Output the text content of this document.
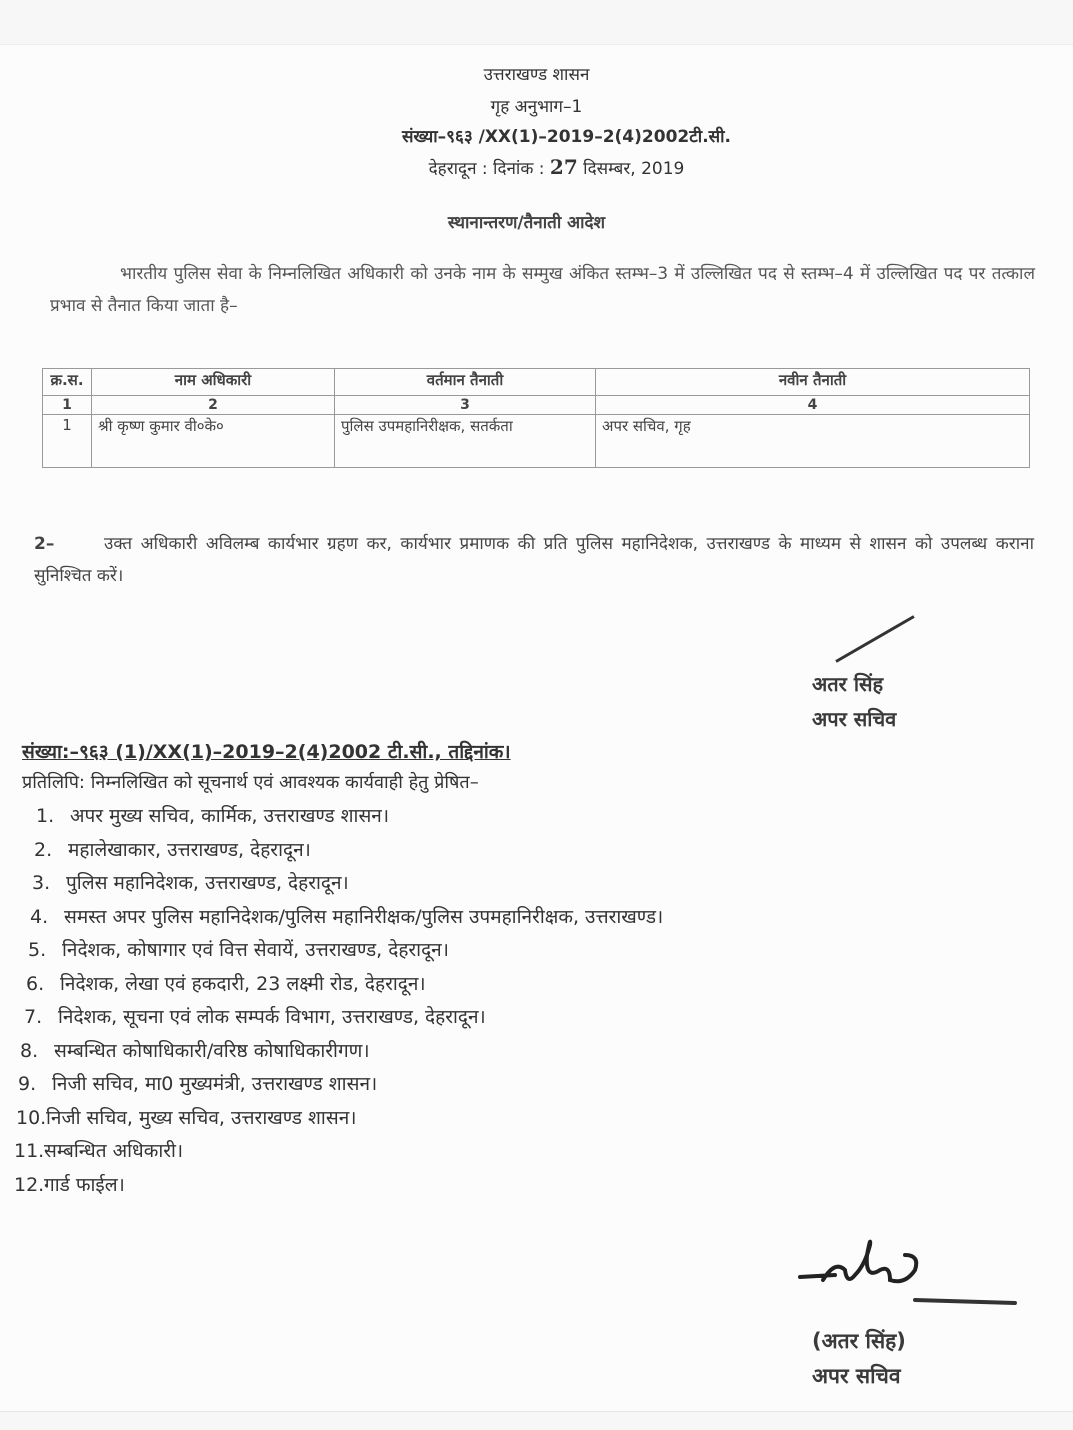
उत्तराखण्ड शासन
गृह अनुभाग–1
संख्या–९६३ /XX(1)–2019–2(4)2002टी.सी.
देहरादून : दिनांक : 27 दिसम्बर, 2019
स्थानान्तरण/तैनाती आदेश
भारतीय पुलिस सेवा के निम्नलिखित अधिकारी को उनके नाम के सम्मुख अंकित स्तम्भ–3 में उल्लिखित पद से स्तम्भ–4 में उल्लिखित पद पर तत्काल प्रभाव से तैनात किया जाता है–
क्र.स.	नाम अधिकारी	वर्तमान तैनाती	नवीन तैनाती
1	2	3	4
1	श्री कृष्ण कुमार वी०के०	पुलिस उपमहानिरीक्षक, सतर्कता	अपर सचिव, गृह
2–	उक्त अधिकारी अविलम्ब कार्यभार ग्रहण कर, कार्यभार प्रमाणक की प्रति पुलिस महानिदेशक, उत्तराखण्ड के माध्यम से शासन को उपलब्ध कराना सुनिश्चित करें।
अतर सिंह
अपर सचिव
संख्या:–९६३ (1)/XX(1)–2019–2(4)2002 टी.सी., तद्दिनांक।
प्रतिलिपि: निम्नलिखित को सूचनार्थ एवं आवश्यक कार्यवाही हेतु प्रेषित–
1. अपर मुख्य सचिव, कार्मिक, उत्तराखण्ड शासन।
2. महालेखाकार, उत्तराखण्ड, देहरादून।
3. पुलिस महानिदेशक, उत्तराखण्ड, देहरादून।
4. समस्त अपर पुलिस महानिदेशक/पुलिस महानिरीक्षक/पुलिस उपमहानिरीक्षक, उत्तराखण्ड।
5. निदेशक, कोषागार एवं वित्त सेवायें, उत्तराखण्ड, देहरादून।
6. निदेशक, लेखा एवं हकदारी, 23 लक्ष्मी रोड, देहरादून।
7. निदेशक, सूचना एवं लोक सम्पर्क विभाग, उत्तराखण्ड, देहरादून।
8. सम्बन्धित कोषाधिकारी/वरिष्ठ कोषाधिकारीगण।
9. निजी सचिव, मा0 मुख्यमंत्री, उत्तराखण्ड शासन।
10.निजी सचिव, मुख्य सचिव, उत्तराखण्ड शासन।
11.सम्बन्धित अधिकारी।
12.गार्ड फाईल।
(अतर सिंह)
अपर सचिव
